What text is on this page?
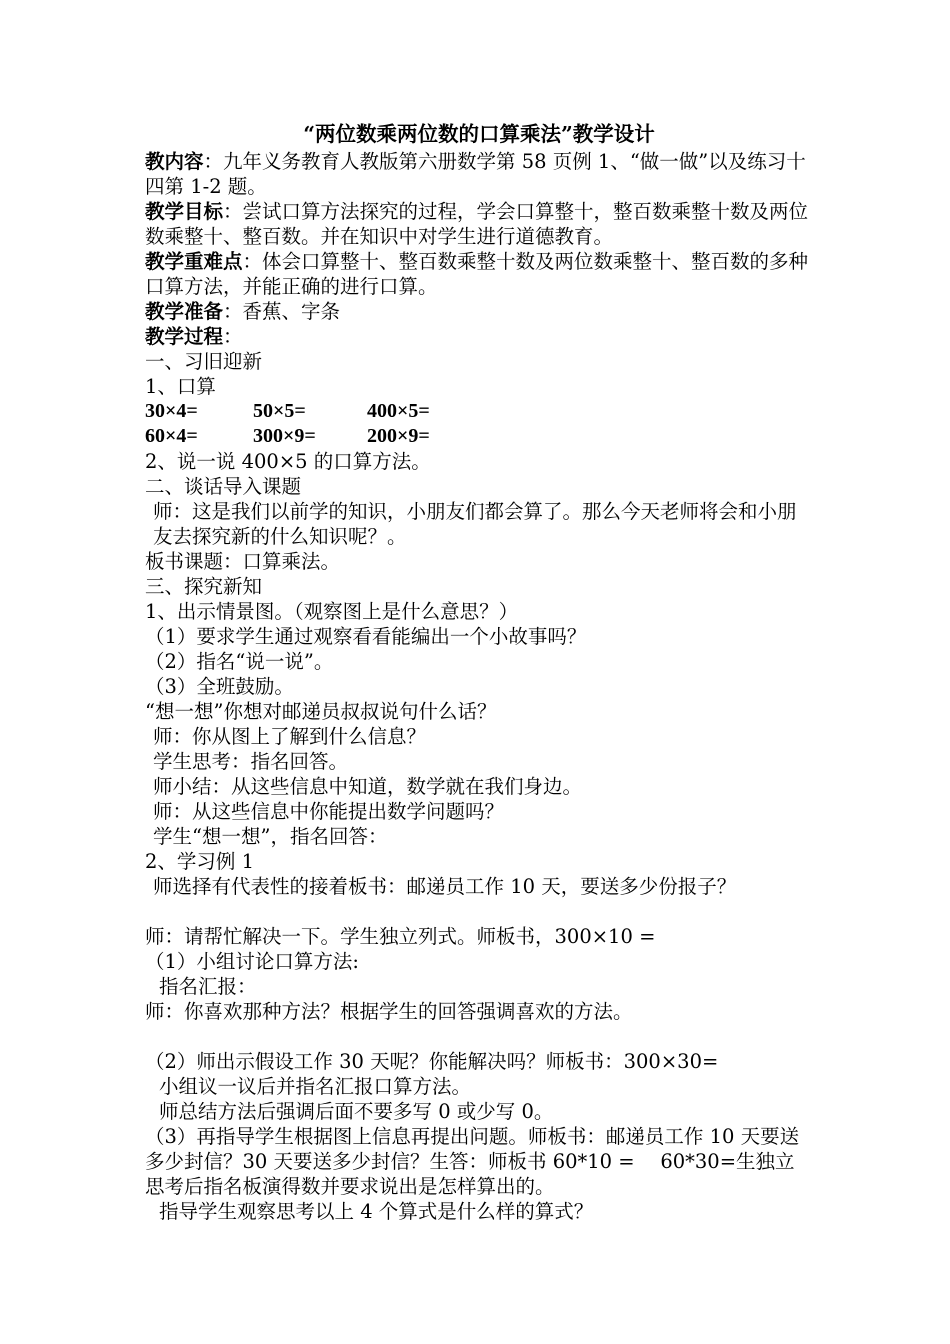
“两位数乘两位数的口算乘法”教学设计
教内容：九年义务教育人教版第六册数学第 58 页例 1、“做一做”以及练习十四第 1-2 题。
教学目标：尝试口算方法探究的过程，学会口算整十，整百数乘整十数及两位数乘整十、整百数。并在知识中对学生进行道德教育。
教学重难点：体会口算整十、整百数乘整十数及两位数乘整十、整百数的多种口算方法，并能正确的进行口算。
教学准备：香蕉、字条
教学过程：
一、习旧迎新
1、口算
30×4=	50×5=	400×5=
60×4=	300×9=	200×9=
2、说一说 400×5 的口算方法。
二、谈话导入课题
师：这是我们以前学的知识，小朋友们都会算了。那么今天老师将会和小朋友去探究新的什么知识呢？。
板书课题：口算乘法。
三、探究新知
1、出示情景图。（观察图上是什么意思？）
（1）要求学生通过观察看看能编出一个小故事吗？
（2）指名“说一说”。
（3）全班鼓励。
“想一想”你想对邮递员叔叔说句什么话？
师：你从图上了解到什么信息？
学生思考：指名回答。
师小结：从这些信息中知道，数学就在我们身边。
师：从这些信息中你能提出数学问题吗？
学生“想一想”，指名回答：
2、学习例 1
师选择有代表性的接着板书：邮递员工作 10 天，要送多少份报子？
师：请帮忙解决一下。学生独立列式。师板书，300×10 =
（1）小组讨论口算方法:
指名汇报：
师：你喜欢那种方法？根据学生的回答强调喜欢的方法。
（2）师出示假设工作 30 天呢？你能解决吗？师板书：300×30=
小组议一议后并指名汇报口算方法。
师总结方法后强调后面不要多写 0 或少写 0。
（3）再指导学生根据图上信息再提出问题。师板书：邮递员工作 10 天要送多少封信？30 天要送多少封信？生答：师板书 60*10 =　 60*30=生独立思考后指名板演得数并要求说出是怎样算出的。
指导学生观察思考以上 4 个算式是什么样的算式？
